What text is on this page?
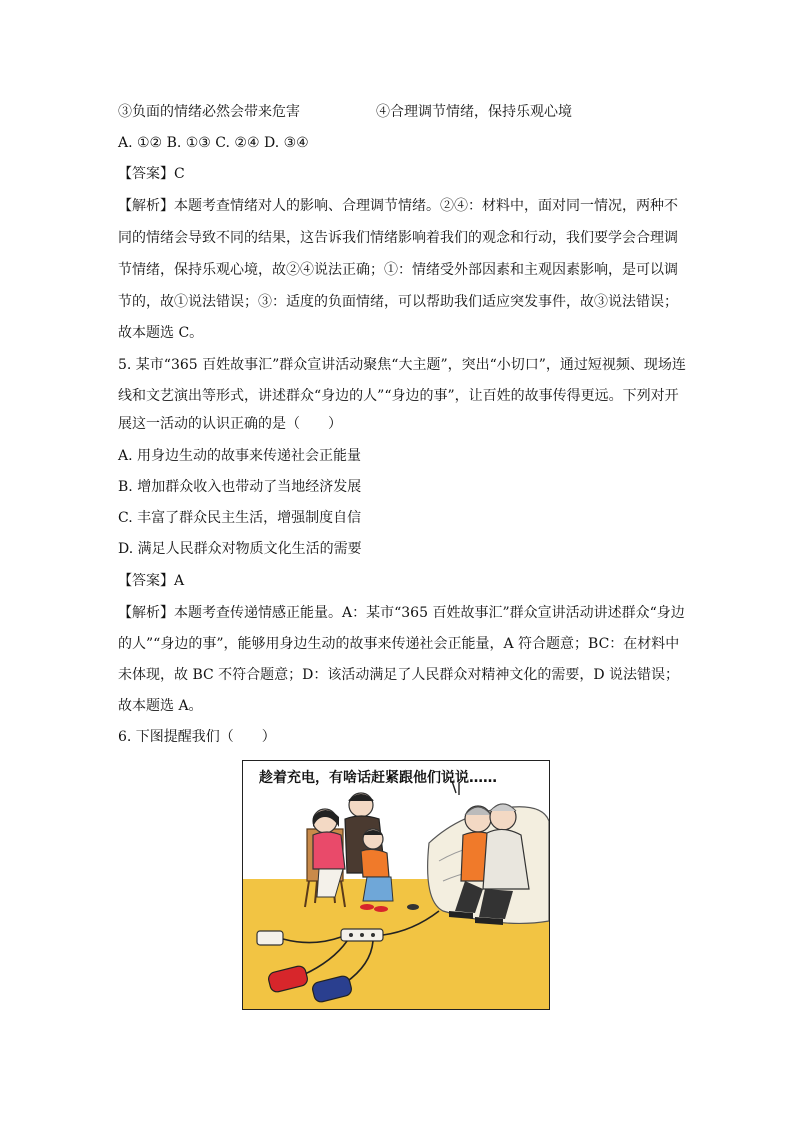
③负面的情绪必然会带来危害	④合理调节情绪，保持乐观心境
A. ①② B. ①③ C. ②④ D. ③④
【答案】C
【解析】本题考查情绪对人的影响、合理调节情绪。②④：材料中，面对同一情况，两种不
同的情绪会导致不同的结果，这告诉我们情绪影响着我们的观念和行动，我们要学会合理调
节情绪，保持乐观心境，故②④说法正确；①：情绪受外部因素和主观因素影响，是可以调
节的，故①说法错误；③：适度的负面情绪，可以帮助我们适应突发事件，故③说法错误；
故本题选 C。
5. 某市“365 百姓故事汇”群众宣讲活动聚焦“大主题”，突出“小切口”，通过短视频、现场连
线和文艺演出等形式，讲述群众“身边的人”“身边的事”，让百姓的故事传得更远。下列对开
展这一活动的认识正确的是（　　）
A. 用身边生动的故事来传递社会正能量
B. 增加群众收入也带动了当地经济发展
C. 丰富了群众民主生活，增强制度自信
D. 满足人民群众对物质文化生活的需要
【答案】A
【解析】本题考查传递情感正能量。A：某市“365 百姓故事汇”群众宣讲活动讲述群众“身边
的人”“身边的事”，能够用身边生动的故事来传递社会正能量，A 符合题意；BC：在材料中
未体现，故 BC 不符合题意；D：该活动满足了人民群众对精神文化的需要，D 说法错误；
故本题选 A。
6. 下图提醒我们（　　）
趁着充电，有啥话赶紧跟他们说说……
